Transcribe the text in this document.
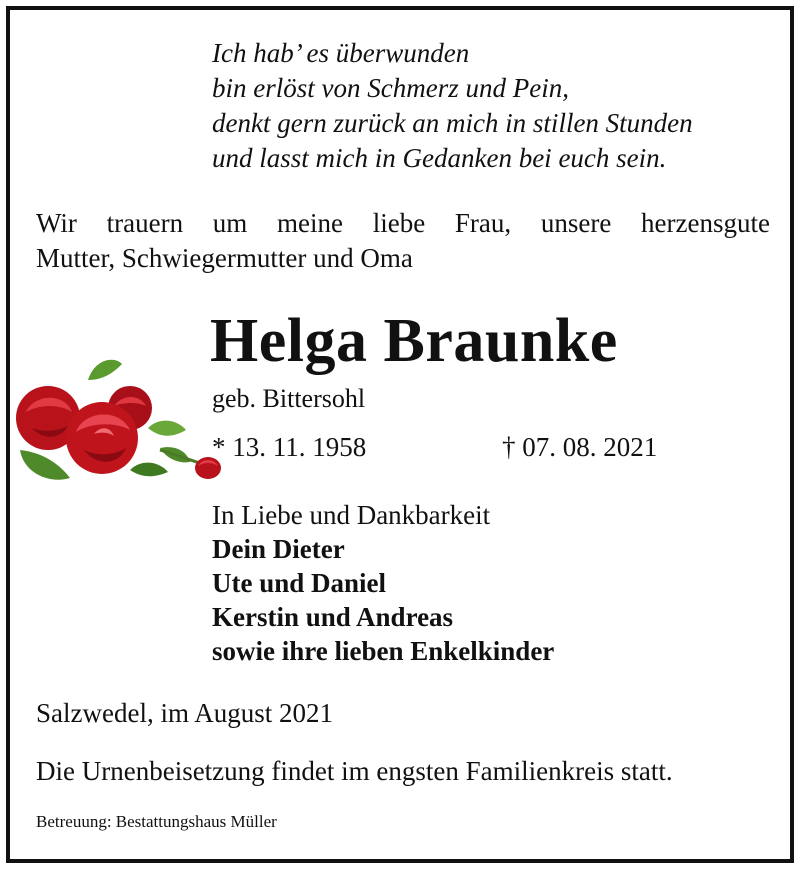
Ich hab’ es überwunden
bin erlöst von Schmerz und Pein,
denkt gern zurück an mich in stillen Stunden
und lasst mich in Gedanken bei euch sein.
Wir trauern um meine liebe Frau, unsere herzensgute
Mutter, Schwiegermutter und Oma
Helga Braunke
geb. Bittersohl
* 13. 11. 1958	† 07. 08. 2021
In Liebe und Dankbarkeit
Dein Dieter
Ute und Daniel
Kerstin und Andreas
sowie ihre lieben Enkelkinder
Salzwedel, im August 2021
Die Urnenbeisetzung findet im engsten Familienkreis statt.
Betreuung: Bestattungshaus Müller
